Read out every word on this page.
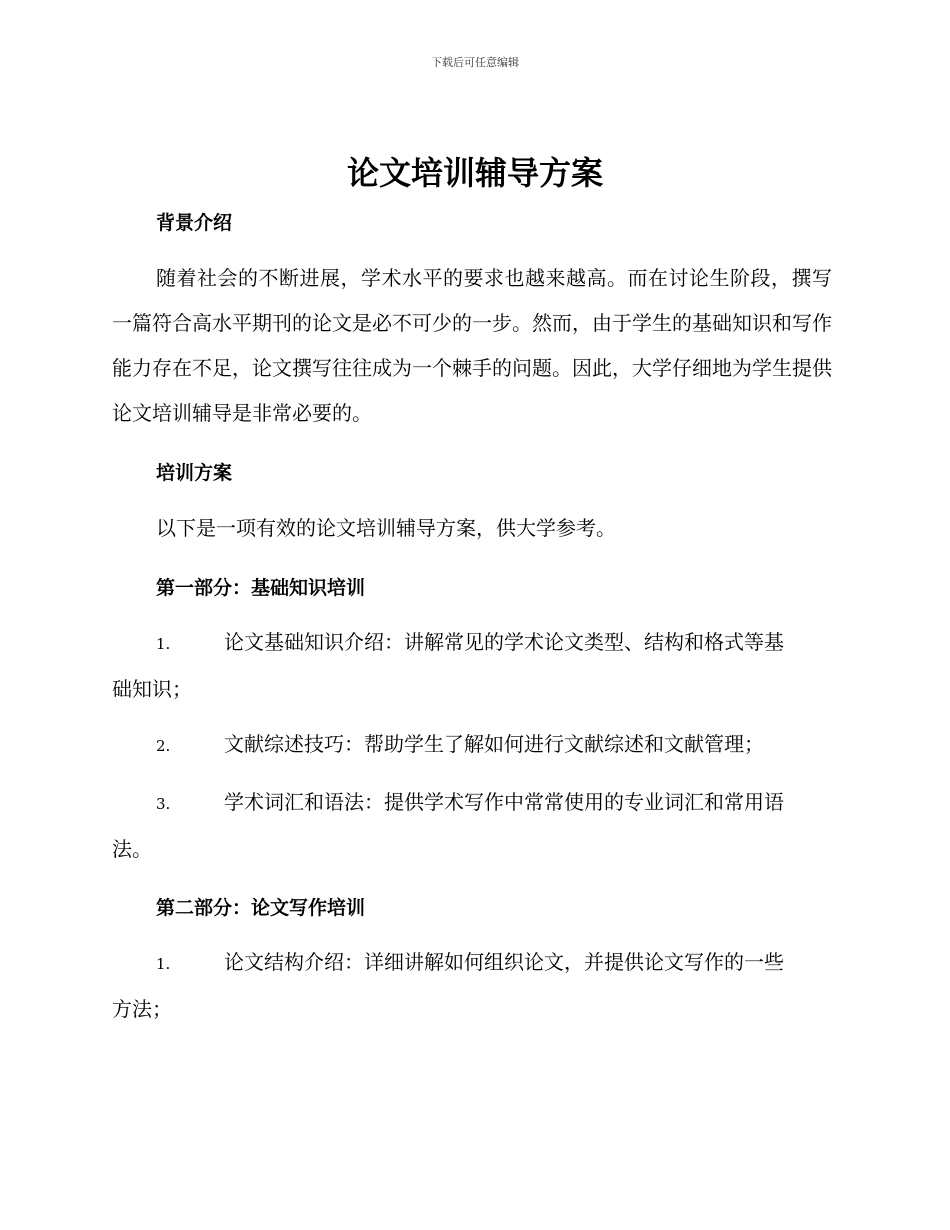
下载后可任意编辑
论文培训辅导方案
背景介绍

随着社会的不断进展，学术水平的要求也越来越高。而在讨论生阶段，撰写一篇符合高水平期刊的论文是必不可少的一步。然而，由于学生的基础知识和写作能力存在不足，论文撰写往往成为一个棘手的问题。因此，大学仔细地为学生提供论文培训辅导是非常必要的。

培训方案

以下是一项有效的论文培训辅导方案，供大学参考。

第一部分：基础知识培训
1.	论文基础知识介绍：讲解常见的学术论文类型、结构和格式等基
础知识；
2.	文献综述技巧：帮助学生了解如何进行文献综述和文献管理；
3.	学术词汇和语法：提供学术写作中常常使用的专业词汇和常用语
法。
第二部分：论文写作培训
1.	论文结构介绍：详细讲解如何组织论文，并提供论文写作的一些
方法；
